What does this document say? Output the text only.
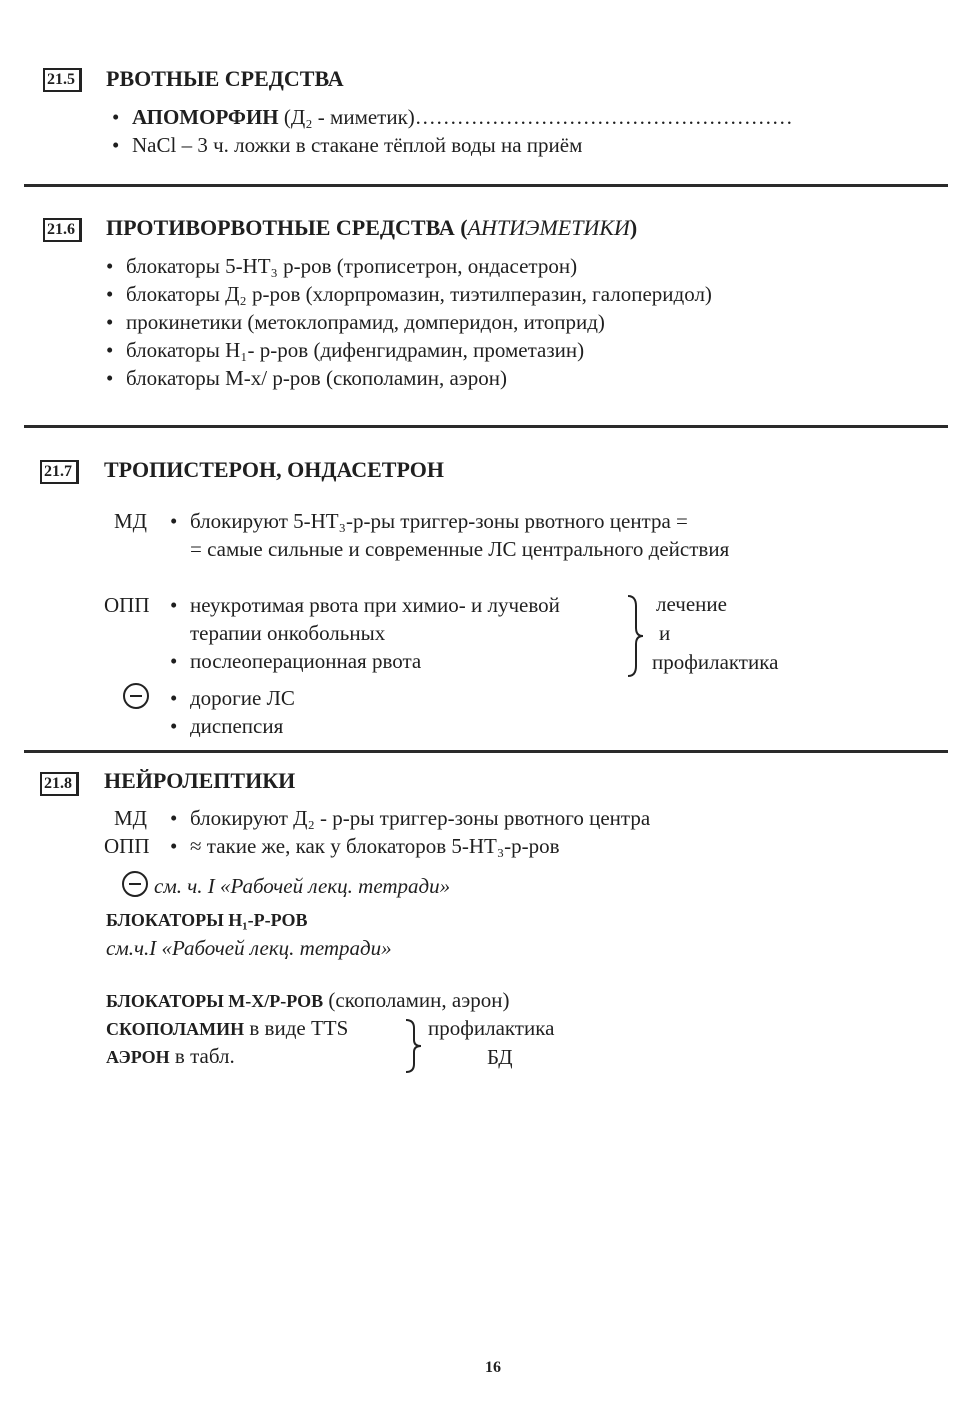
21.5	РВОТНЫЕ СРЕДСТВА
• АПОМОРФИН (Д₂ - миметик)………………………………………………
• NaCl – 3 ч. ложки в стакане тёплой воды на приём
21.6	ПРОТИВОРВОТНЫЕ СРЕДСТВА (АНТИЭМЕТИКИ)
• блокаторы 5-НТ₃ р-ров (трописетрон, ондасетрон)
• блокаторы Д₂ р-ров (хлорпромазин, тиэтилперазин, галоперидол)
• прокинетики (метоклопрамид, домперидон, итоприд)
• блокаторы Н₁- р-ров (дифенгидрамин, прометазин)
• блокаторы М-х/ р-ров (скополамин, аэрон)
21.7	ТРОПИСТЕРОН, ОНДАСЕТРОН
МД • блокируют 5-НТ₃-р-ры триггер-зоны рвотного центра =
= самые сильные и современные ЛС центрального действия
ОПП • неукротимая рвота при химио- и лучевой
терапии онкобольных
• послеоперационная рвота
лечение
и
профилактика
• дорогие ЛС
• диспепсия
21.8	НЕЙРОЛЕПТИКИ
МД • блокируют Д₂ - р-ры триггер-зоны рвотного центра
ОПП • ≈ такие же, как у блокаторов 5-НТ₃-р-ров
см. ч. I «Рабочей лекц. тетради»
БЛОКАТОРЫ Н₁-Р-РОВ
см.ч.I «Рабочей лекц. тетради»
БЛОКАТОРЫ М-Х/Р-РОВ (скополамин, аэрон)
СКОПОЛАМИН в виде TTS
АЭРОН в табл.
профилактика
БД
16
